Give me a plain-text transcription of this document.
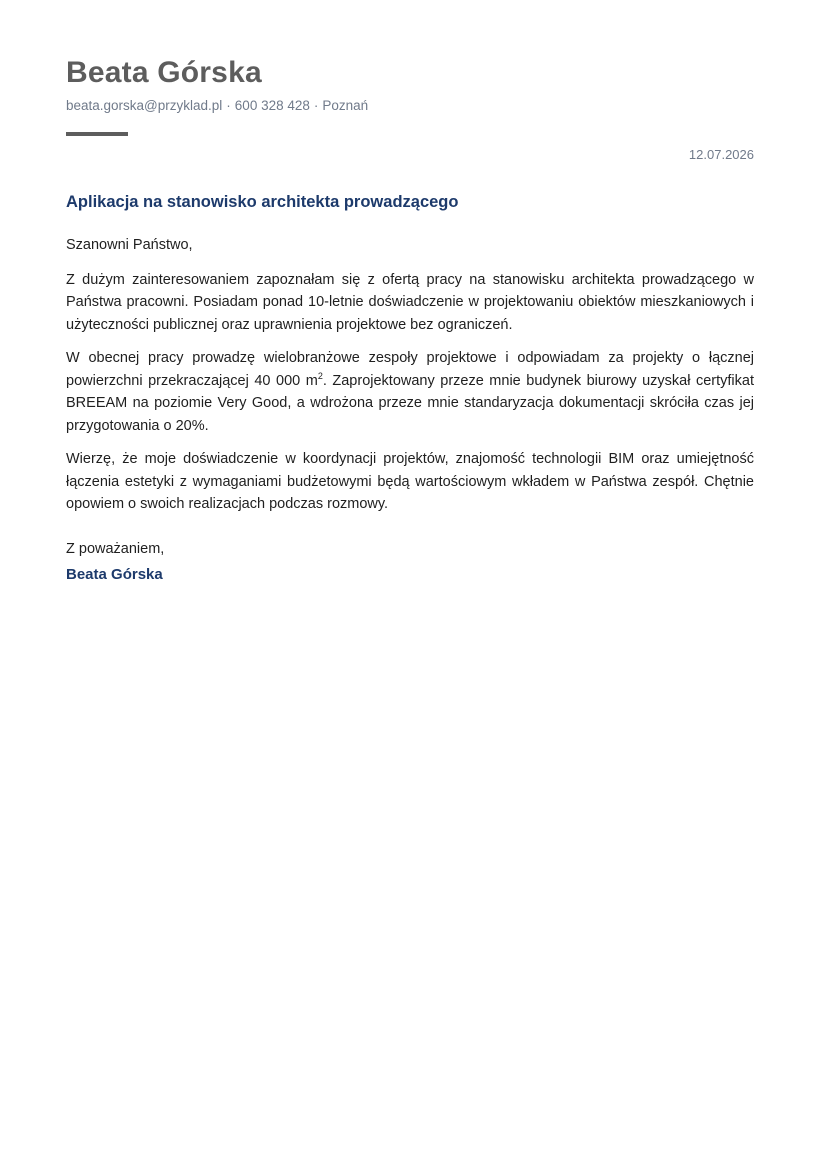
Beata Górska
beata.gorska@przyklad.pl · 600 328 428 · Poznań
12.07.2026
Aplikacja na stanowisko architekta prowadzącego

Szanowni Państwo,

Z dużym zainteresowaniem zapoznałam się z ofertą pracy na stanowisku architekta prowadzącego w Państwa pracowni. Posiadam ponad 10-letnie doświadczenie w projektowaniu obiektów mieszkaniowych i użyteczności publicznej oraz uprawnienia projektowe bez ograniczeń.

W obecnej pracy prowadzę wielobranżowe zespoły projektowe i odpowiadam za projekty o łącznej powierzchni przekraczającej 40 000 $m^2$. Zaprojektowany przeze mnie budynek biurowy uzyskał certyfikat BREEAM na poziomie Very Good, a wdrożona przeze mnie standaryzacja dokumentacji skróciła czas jej przygotowania o 20%.

Wierzę, że moje doświadczenie w koordynacji projektów, znajomość technologii BIM oraz umiejętność łączenia estetyki z wymaganiami budżetowymi będą wartościowym wkładem w Państwa zespół. Chętnie opowiem o swoich realizacjach podczas rozmowy.

Z poważaniem,
Beata Górska
